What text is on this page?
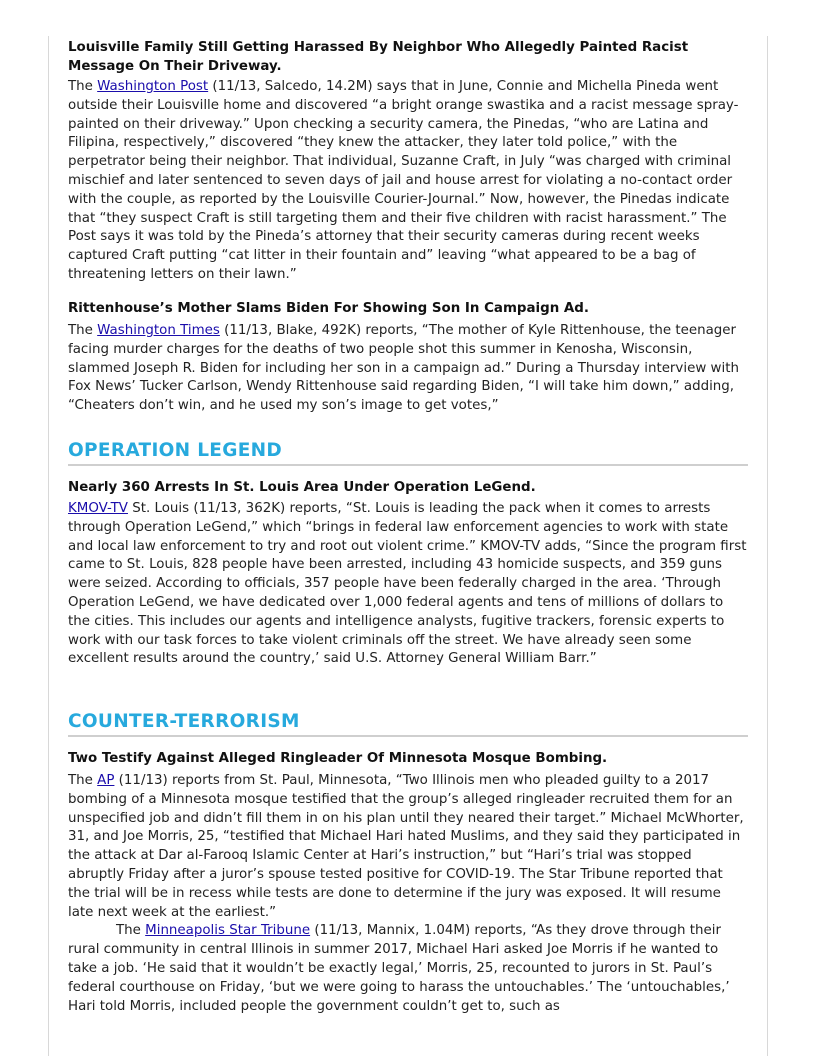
Louisville Family Still Getting Harassed By Neighbor Who Allegedly Painted Racist Message On Their Driveway.

The Washington Post (11/13, Salcedo, 14.2M) says that in June, Connie and Michella Pineda went outside their Louisville home and discovered “a bright orange swastika and a racist message spray-painted on their driveway.” Upon checking a security camera, the Pinedas, “who are Latina and Filipina, respectively,” discovered “they knew the attacker, they later told police,” with the perpetrator being their neighbor. That individual, Suzanne Craft, in July “was charged with criminal mischief and later sentenced to seven days of jail and house arrest for violating a no-contact order with the couple, as reported by the Louisville Courier-Journal.” Now, however, the Pinedas indicate that “they suspect Craft is still targeting them and their five children with racist harassment.” The Post says it was told by the Pineda’s attorney that their security cameras during recent weeks captured Craft putting “cat litter in their fountain and” leaving “what appeared to be a bag of threatening letters on their lawn.”

Rittenhouse’s Mother Slams Biden For Showing Son In Campaign Ad.

The Washington Times (11/13, Blake, 492K) reports, “The mother of Kyle Rittenhouse, the teenager facing murder charges for the deaths of two people shot this summer in Kenosha, Wisconsin, slammed Joseph R. Biden for including her son in a campaign ad.” During a Thursday interview with Fox News’ Tucker Carlson, Wendy Rittenhouse said regarding Biden, “I will take him down,” adding, “Cheaters don’t win, and he used my son’s image to get votes,”

OPERATION LEGEND
Nearly 360 Arrests In St. Louis Area Under Operation LeGend.

KMOV-TV St. Louis (11/13, 362K) reports, “St. Louis is leading the pack when it comes to arrests through Operation LeGend,” which “brings in federal law enforcement agencies to work with state and local law enforcement to try and root out violent crime.” KMOV-TV adds, “Since the program first came to St. Louis, 828 people have been arrested, including 43 homicide suspects, and 359 guns were seized. According to officials, 357 people have been federally charged in the area. ‘Through Operation LeGend, we have dedicated over 1,000 federal agents and tens of millions of dollars to the cities. This includes our agents and intelligence analysts, fugitive trackers, forensic experts to work with our task forces to take violent criminals off the street. We have already seen some excellent results around the country,’ said U.S. Attorney General William Barr.”

COUNTER-TERRORISM
Two Testify Against Alleged Ringleader Of Minnesota Mosque Bombing.

The AP (11/13) reports from St. Paul, Minnesota, “Two Illinois men who pleaded guilty to a 2017 bombing of a Minnesota mosque testified that the group’s alleged ringleader recruited them for an unspecified job and didn’t fill them in on his plan until they neared their target.” Michael McWhorter, 31, and Joe Morris, 25, “testified that Michael Hari hated Muslims, and they said they participated in the attack at Dar al-Farooq Islamic Center at Hari’s instruction,” but “Hari’s trial was stopped abruptly Friday after a juror’s spouse tested positive for COVID-19. The Star Tribune reported that the trial will be in recess while tests are done to determine if the jury was exposed. It will resume late next week at the earliest.”

The Minneapolis Star Tribune (11/13, Mannix, 1.04M) reports, “As they drove through their rural community in central Illinois in summer 2017, Michael Hari asked Joe Morris if he wanted to take a job. ‘He said that it wouldn’t be exactly legal,’ Morris, 25, recounted to jurors in St. Paul’s federal courthouse on Friday, ‘but we were going to harass the untouchables.’ The ‘untouchables,’ Hari told Morris, included people the government couldn’t get to, such as
